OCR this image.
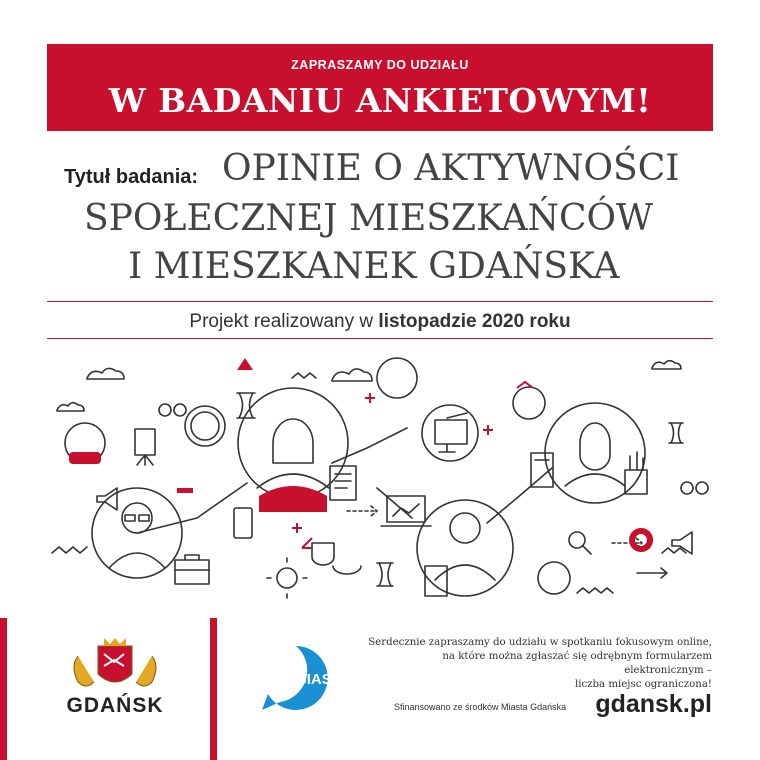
ZAPRASZAMY DO UDZIAŁU
W BADANIU ANKIETOWYM!
Tytuł badania: OPINIE O AKTYWNOŚCI
SPOŁECZNEJ MIESZKAŃCÓW
I MIESZKANEK GDAŃSKA
Projekt realizowany w listopadzie 2020 roku
GDAŃSK
OBIAS
Serdecznie zapraszamy do udziału w spotkaniu fokusowym online,
na które można zgłaszać się odrębnym formularzem elektronicznym –
liczba miejsc ograniczona!
Sfinansowano ze środków Miasta Gdańska gdansk.pl
